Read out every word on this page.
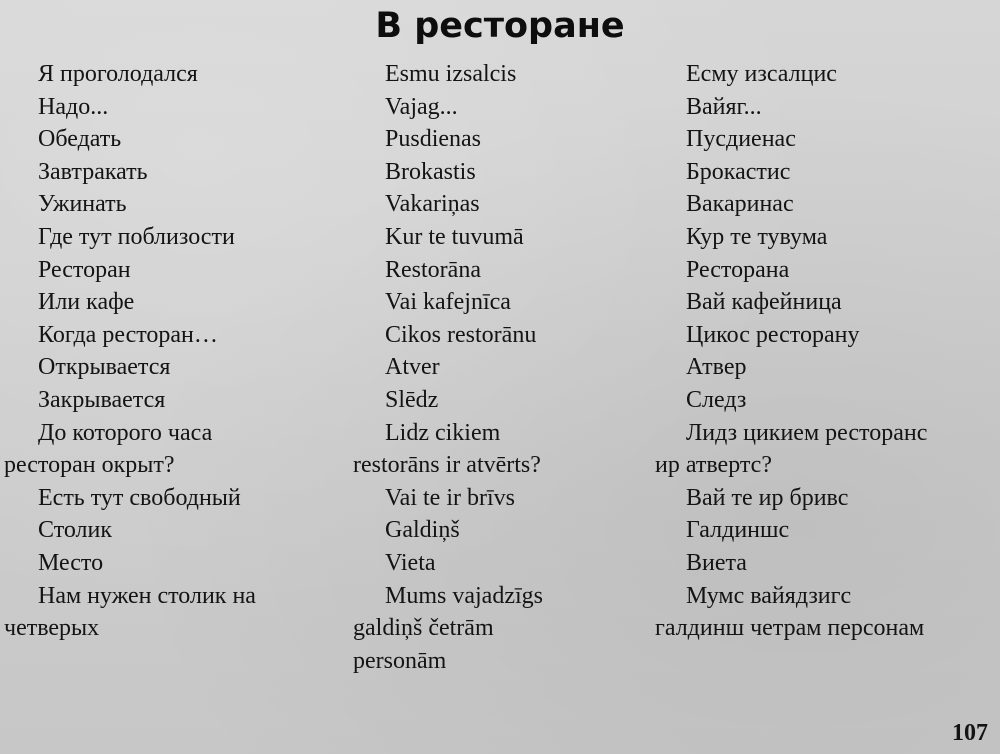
В ресторане
Я проголодался
Надо...
Обедать
Завтракать
Ужинать
Где тут поблизости
Ресторан
Или кафе
Когда ресторан…
Открывается
Закрывается
До которого часа
ресторан окрыт?
Есть тут свободный
Столик
Место
Нам нужен столик на
четверых
Esmu izsalcis
Vajag...
Pusdienas
Brokastis
Vakariņas
Kur te tuvumā
Restorāna
Vai kafejnīca
Cikos restorānu
Atver
Slēdz
Lidz cikiem
restorāns ir atvērts?
Vai te ir brīvs
Galdiņš
Vieta
Mums vajadzīgs
galdiņš četrām
personām
Есму изсалцис
Вайяг...
Пусдиенас
Брокастис
Вакаринас
Кур те тувума
Ресторана
Вай кафейница
Цикос ресторану
Атвер
Следз
Лидз цикием ресторанс
ир атвертс?
Вай те ир бривс
Галдиншс
Виета
Мумс вайядзигс
галдинш четрам персонам
107
